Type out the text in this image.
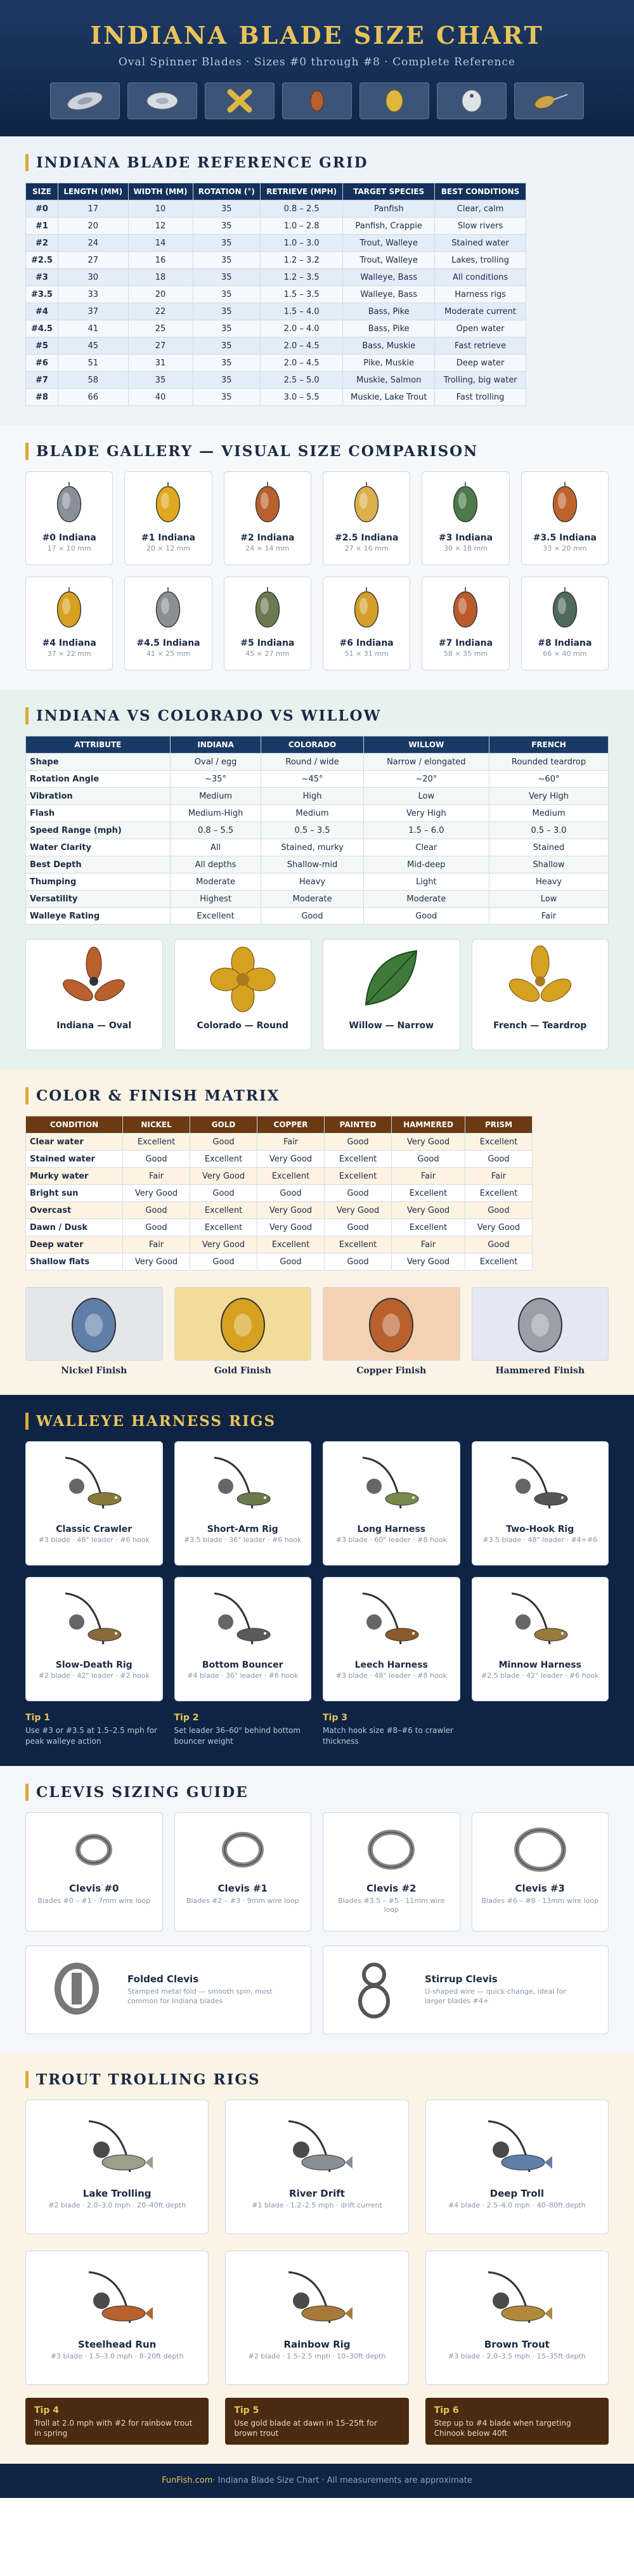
INDIANA BLADE SIZE CHART
Oval Spinner Blades · Sizes #0 through #8 · Complete Reference
INDIANA BLADE REFERENCE GRID
SIZE	LENGTH (MM)	WIDTH (MM)	ROTATION (°)	RETRIEVE (MPH)	TARGET SPECIES	BEST CONDITIONS
#0	17	10	35	0.8 – 2.5	Panfish	Clear, calm
#1	20	12	35	1.0 – 2.8	Panfish, Crappie	Slow rivers
#2	24	14	35	1.0 – 3.0	Trout, Walleye	Stained water
#2.5	27	16	35	1.2 – 3.2	Trout, Walleye	Lakes, trolling
#3	30	18	35	1.2 – 3.5	Walleye, Bass	All conditions
#3.5	33	20	35	1.5 – 3.5	Walleye, Bass	Harness rigs
#4	37	22	35	1.5 – 4.0	Bass, Pike	Moderate current
#4.5	41	25	35	2.0 – 4.0	Bass, Pike	Open water
#5	45	27	35	2.0 – 4.5	Bass, Muskie	Fast retrieve
#6	51	31	35	2.0 – 4.5	Pike, Muskie	Deep water
#7	58	35	35	2.5 – 5.0	Muskie, Salmon	Trolling, big water
#8	66	40	35	3.0 – 5.5	Muskie, Lake Trout	Fast trolling
BLADE GALLERY — VISUAL SIZE COMPARISON
#0 Indiana
17 × 10 mm
#1 Indiana
20 × 12 mm
#2 Indiana
24 × 14 mm
#2.5 Indiana
27 × 16 mm
#3 Indiana
30 × 18 mm
#3.5 Indiana
33 × 20 mm
#4 Indiana
37 × 22 mm
#4.5 Indiana
41 × 25 mm
#5 Indiana
45 × 27 mm
#6 Indiana
51 × 31 mm
#7 Indiana
58 × 35 mm
#8 Indiana
66 × 40 mm
INDIANA VS COLORADO VS WILLOW
ATTRIBUTE	INDIANA	COLORADO	WILLOW	FRENCH
Shape	Oval / egg	Round / wide	Narrow / elongated	Rounded teardrop
Rotation Angle	~35°	~45°	~20°	~60°
Vibration	Medium	High	Low	Very High
Flash	Medium-High	Medium	Very High	Medium
Speed Range (mph)	0.8 – 5.5	0.5 – 3.5	1.5 – 6.0	0.5 – 3.0
Water Clarity	All	Stained, murky	Clear	Stained
Best Depth	All depths	Shallow-mid	Mid-deep	Shallow
Thumping	Moderate	Heavy	Light	Heavy
Versatility	Highest	Moderate	Moderate	Low
Walleye Rating	Excellent	Good	Good	Fair
Indiana — Oval	Colorado — Round	Willow — Narrow	French — Teardrop
COLOR & FINISH MATRIX
CONDITION	NICKEL	GOLD	COPPER	PAINTED	HAMMERED	PRISM
Clear water	Excellent	Good	Fair	Good	Very Good	Excellent
Stained water	Good	Excellent	Very Good	Excellent	Good	Good
Murky water	Fair	Very Good	Excellent	Excellent	Fair	Fair
Bright sun	Very Good	Good	Good	Good	Excellent	Excellent
Overcast	Good	Excellent	Very Good	Very Good	Very Good	Good
Dawn / Dusk	Good	Excellent	Very Good	Good	Excellent	Very Good
Deep water	Fair	Very Good	Excellent	Excellent	Fair	Good
Shallow flats	Very Good	Good	Good	Good	Very Good	Excellent
Nickel Finish	Gold Finish	Copper Finish	Hammered Finish
WALLEYE HARNESS RIGS
Classic Crawler
#3 blade · 48" leader · #6 hook
Short-Arm Rig
#3.5 blade · 36" leader · #6 hook
Long Harness
#3 blade · 60" leader · #8 hook
Two-Hook Rig
#3.5 blade · 48" leader · #4+#6
Slow-Death Rig
#2 blade · 42" leader · #2 hook
Bottom Bouncer
#4 blade · 36" leader · #6 hook
Leech Harness
#3 blade · 48" leader · #8 hook
Minnow Harness
#2.5 blade · 42" leader · #6 hook
Tip 1
Use #3 or #3.5 at 1.5–2.5 mph for peak walleye action
Tip 2
Set leader 36–60" behind bottom bouncer weight
Tip 3
Match hook size #8–#6 to crawler thickness
CLEVIS SIZING GUIDE
Clevis #0
Blades #0 – #1 · 7mm wire loop
Clevis #1
Blades #2 – #3 · 9mm wire loop
Clevis #2
Blades #3.5 – #5 · 11mm wire loop
Clevis #3
Blades #6 – #8 · 13mm wire loop
Folded Clevis
Stamped metal fold — smooth spin, most common for Indiana blades
Stirrup Clevis
U-shaped wire — quick-change, ideal for larger blades #4+
TROUT TROLLING RIGS
Lake Trolling
#2 blade · 2.0–3.0 mph · 20–40ft depth
River Drift
#1 blade · 1.2–2.5 mph · drift current
Deep Troll
#4 blade · 2.5–4.0 mph · 40–80ft depth
Steelhead Run
#3 blade · 1.5–3.0 mph · 8–20ft depth
Rainbow Rig
#2 blade · 1.5–2.5 mph · 10–30ft depth
Brown Trout
#3 blade · 2.0–3.5 mph · 15–35ft depth
Tip 4
Troll at 2.0 mph with #2 for rainbow trout in spring
Tip 5
Use gold blade at dawn in 15–25ft for brown trout
Tip 6
Step up to #4 blade when targeting Chinook below 40ft
FunFish.com · Indiana Blade Size Chart · All measurements are approximate
